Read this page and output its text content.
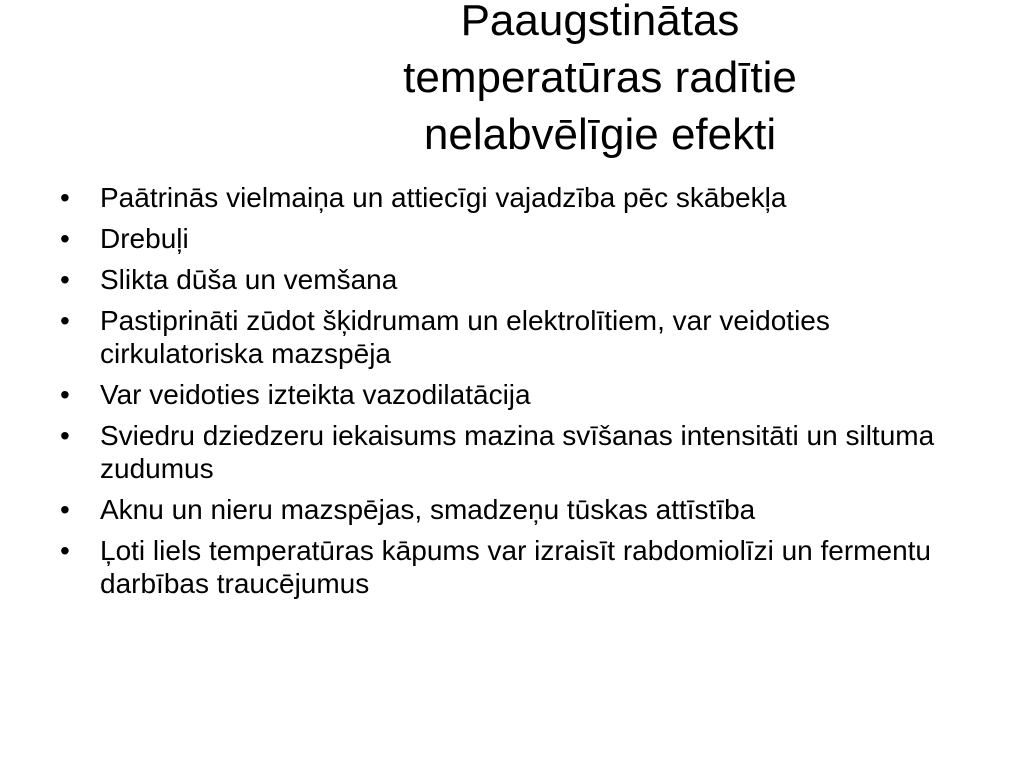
Paaugstinātas
temperatūras radītie
nelabvēlīgie efekti
• Paātrinās vielmaiņa un attiecīgi vajadzība pēc skābekļa
• Drebuļi
• Slikta dūša un vemšana
• Pastiprināti zūdot šķidrumam un elektrolītiem, var veidoties cirkulatoriska mazspēja
• Var veidoties izteikta vazodilatācija
• Sviedru dziedzeru iekaisums mazina svīšanas intensitāti un siltuma zudumus
• Aknu un nieru mazspējas, smadzeņu tūskas attīstība
• Ļoti liels temperatūras kāpums var izraisīt rabdomiolīzi un fermentu darbības traucējumus
